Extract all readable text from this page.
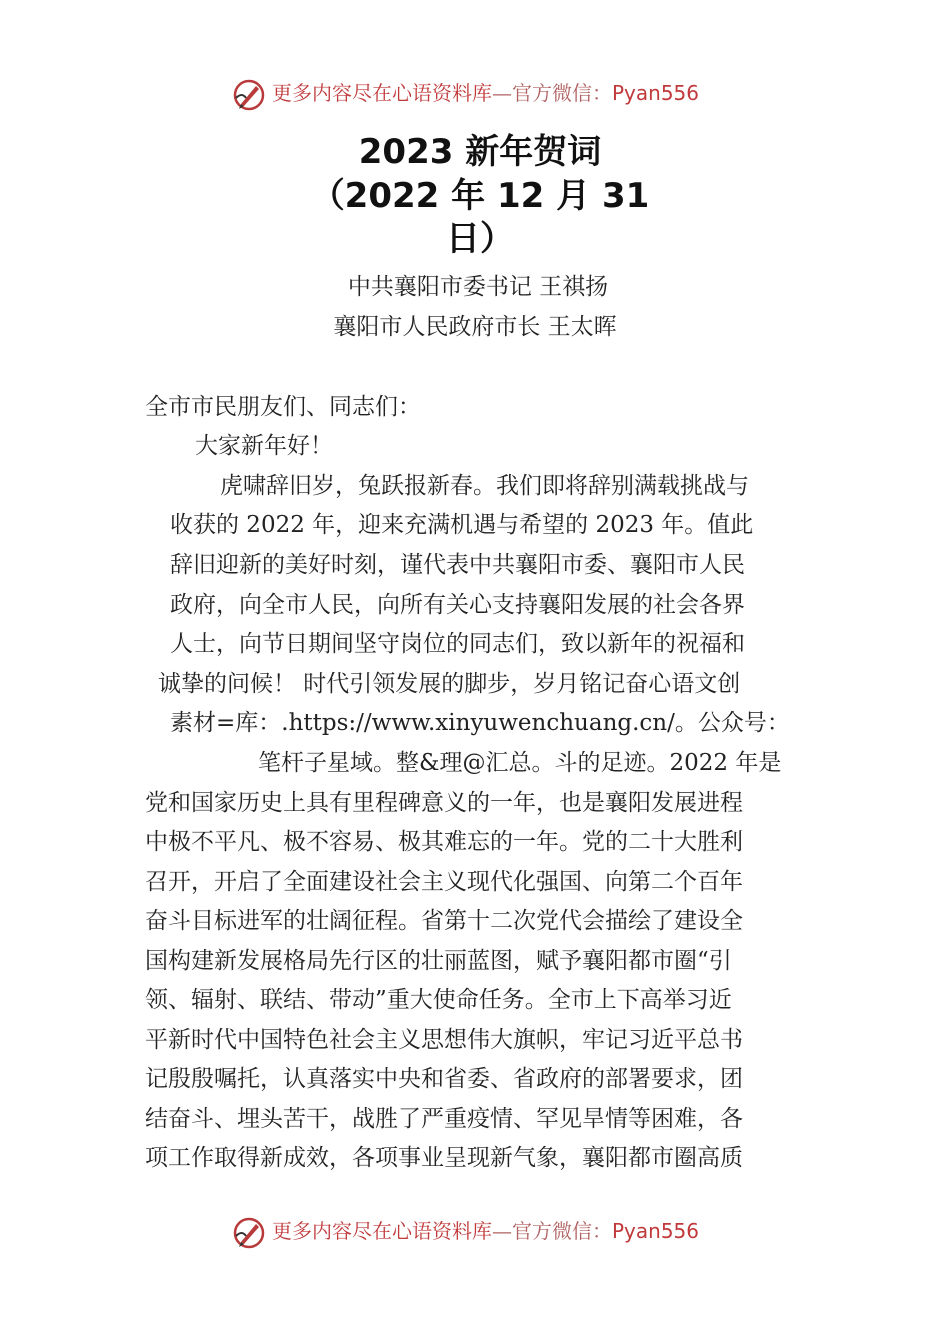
更多内容尽在心语资料库—官方微信：Pyan556
2023 新年贺词
（2022 年 12 月 31
日）
中共襄阳市委书记 王祺扬
襄阳市人民政府市长 王太晖
全市市民朋友们、同志们：
大家新年好！
虎啸辞旧岁，兔跃报新春。我们即将辞别满载挑战与
收获的 2022 年，迎来充满机遇与希望的 2023 年。值此
辞旧迎新的美好时刻，谨代表中共襄阳市委、襄阳市人民
政府，向全市人民，向所有关心支持襄阳发展的社会各界
人士，向节日期间坚守岗位的同志们，致以新年的祝福和
诚挚的问候！ 时代引领发展的脚步，岁月铭记奋心语文创
素材=库：.https://www.xinyuwenchuang.cn/。公众号：
笔杆子星域。整&理@汇总。斗的足迹。2022 年是
党和国家历史上具有里程碑意义的一年，也是襄阳发展进程
中极不平凡、极不容易、极其难忘的一年。党的二十大胜利
召开，开启了全面建设社会主义现代化强国、向第二个百年
奋斗目标进军的壮阔征程。省第十二次党代会描绘了建设全
国构建新发展格局先行区的壮丽蓝图，赋予襄阳都市圈“引
领、辐射、联结、带动”重大使命任务。全市上下高举习近
平新时代中国特色社会主义思想伟大旗帜，牢记习近平总书
记殷殷嘱托，认真落实中央和省委、省政府的部署要求，团
结奋斗、埋头苦干，战胜了严重疫情、罕见旱情等困难，各
项工作取得新成效，各项事业呈现新气象，襄阳都市圈高质
更多内容尽在心语资料库—官方微信：Pyan556
